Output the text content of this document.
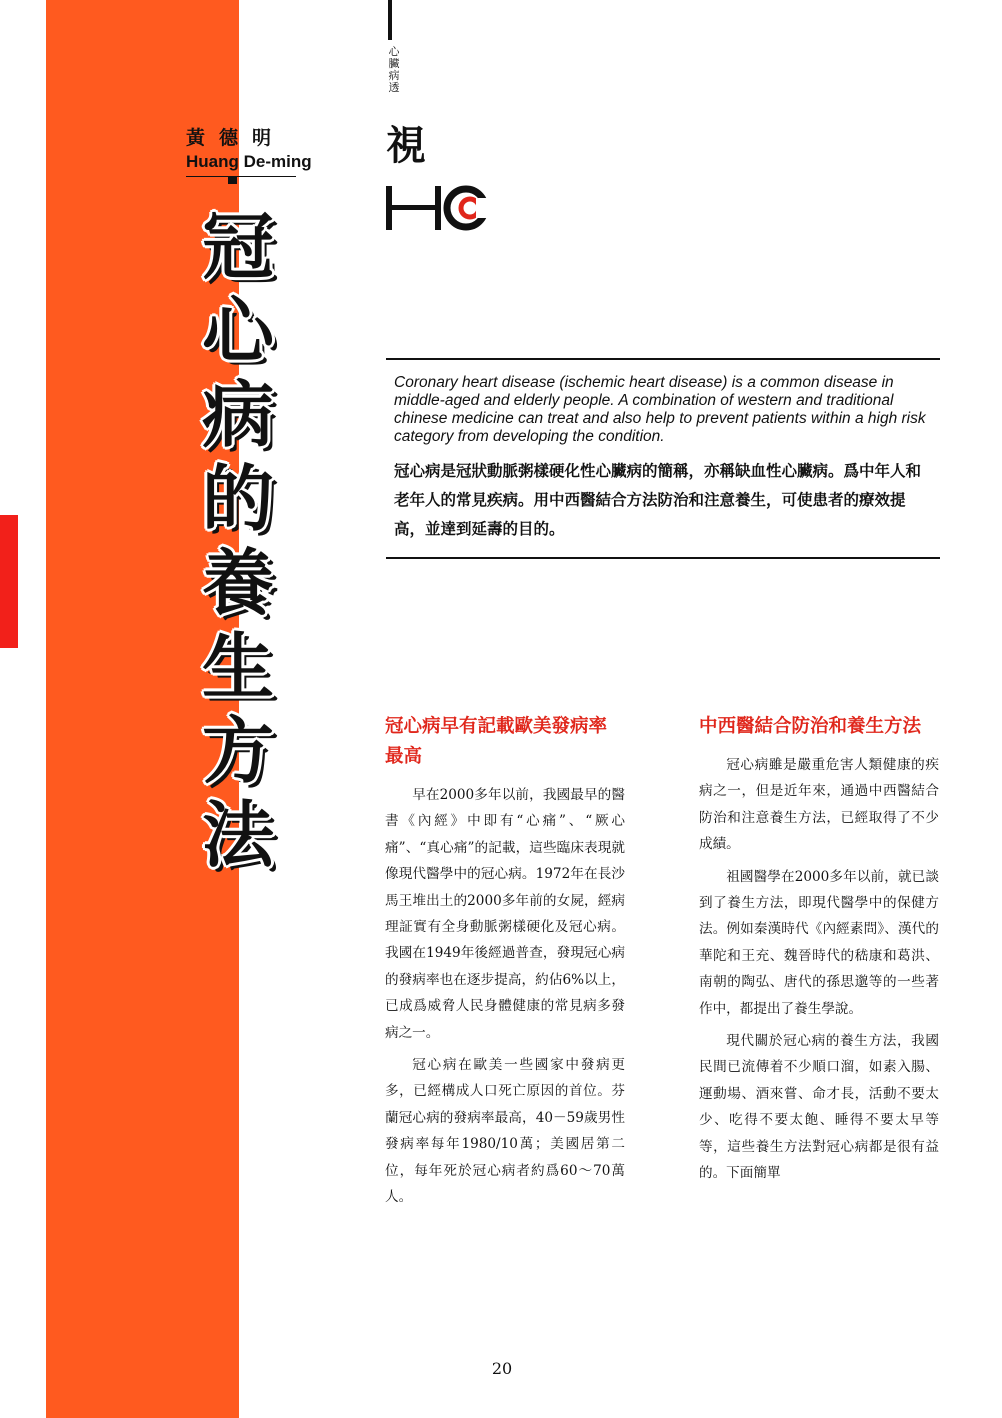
黃德明
Huang De-ming
冠
心
病
的
養
生
方
法
心臟病透
視
Coronary heart disease (ischemic heart disease) is a common disease in middle-aged and elderly people. A combination of western and traditional chinese medicine can treat and also help to prevent patients within a high risk category from developing the condition.
冠心病是冠狀動脈粥樣硬化性心臟病的簡稱，亦稱缺血性心臟病。爲中年人和老年人的常見疾病。用中西醫結合方法防治和注意養生，可使患者的療效提高，並達到延壽的目的。
冠心病早有記載歐美發病率最高

早在2000多年以前，我國最早的醫書《內經》中即有“心痛”、“厥心痛”、“真心痛”的記載，這些臨床表現就像現代醫學中的冠心病。1972年在長沙馬王堆出土的2000多年前的女屍，經病理証實有全身動脈粥樣硬化及冠心病。我國在1949年後經過普查，發現冠心病的發病率也在逐步提高，約佔6%以上，已成爲威脅人民身體健康的常見病多發病之一。

冠心病在歐美一些國家中發病更多，已經構成人口死亡原因的首位。芬蘭冠心病的發病率最高，40－59歲男性發病率每年1980/10萬；美國居第二位，每年死於冠心病者約爲60～70萬人。

中西醫結合防治和養生方法

冠心病雖是嚴重危害人類健康的疾病之一，但是近年來，通過中西醫結合防治和注意養生方法，已經取得了不少成績。

祖國醫學在2000多年以前，就已談到了養生方法，即現代醫學中的保健方法。例如秦漢時代《內經素問》、漢代的華陀和王充、魏晉時代的嵇康和葛洪、南朝的陶弘、唐代的孫思邈等的一些著作中，都提出了養生學說。

現代關於冠心病的養生方法，我國民間已流傳着不少順口溜，如素入腸、運動場、酒來嘗、命才長，活動不要太少、吃得不要太飽、睡得不要太早等等，這些養生方法對冠心病都是很有益的。下面簡單

20
